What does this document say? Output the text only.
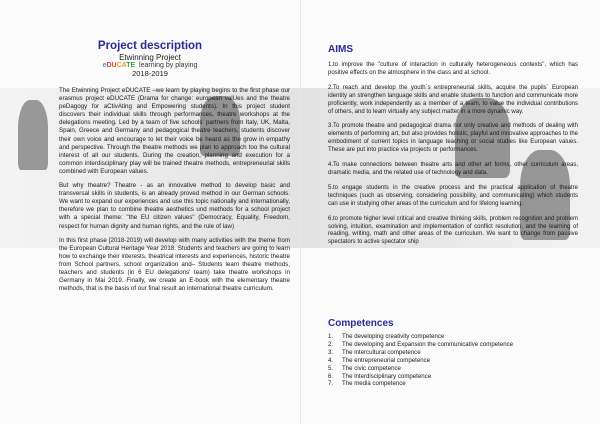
Project description
Etwinning Project
eDUCATE learning by playing
2018-2019

The Etwinning Project eDUCATE –we learn by playing begins to the first phase our erasmus project eDUCATE (Drama for change: european valUes and the theatre peDagogy for aCtivAting and Empowering students). In this project student discovers their individual skills through performances, theatre workshops at the delegations meeting. Led by a team of five schools' partners from Italy, UK, Malta, Spain, Greece and Germany and pedagogical theatre teachers, students discover their own voice and encourage to let their voice be heard as the grow in empathy and perspective. Through the theatre methods we plan to approach too the cultural interest of all our students. During the creation, planning and execution for a common interdisciplinary play will be trained theatre methods, entrepreneurial skills combined with European values.

But why theatre? Theatre - as an innovative method to develop basic and transversal skills in students, is an already proved method in our German schools. We want to expand our experiences and use this topic nationally and internationally, therefore we plan to combine theatre aesthetics und methods for a school project with a special theme: "the EU citizen values" (Democracy, Equality, Freedom, respect for human dignity and human rights, and the rule of law)

In this first phase [2018-2019) will develop with many activities with the theme from the European Cultural Heritage Year 2018. Students and teachers are going to learn how to exchange their interests, theatrical interests and experiences, historic theatre from School partners, school organization and– Students learn theatre methods, teachers and students (in 6 EU delegations' team) take theatre workshops in Germany in Mai 2019. Finally, we create an E-book with the elementary theatre methods, that is the basis of our final result an international theatre curriculum.

AIMS

1.to improve the "culture of interaction in culturally heterogeneous contexts", which has positive effects on the atmosphere in the class and at school.

2.To reach and develop the youth´s entrepreneurial skills, acquire the pupils´ European identity an strengthen language skills and enable students to function and communicate more proficiently, work independently as a member of a team, to value the individual contributions of others, and to learn virtually any subject matter in a more dynamic way.

3.To promote theatre and pedagogical drama not only creative and methods of dealing with elements of performing art, but also provides holistic, playful and innovative approaches to the embodiment of current topics in language teaching or social studies like European values. These are put into practice via projects or performances.

4.To make connections between theatre arts and other art forms, other curriculum areas, dramatic media, and the related use of technology and data.

5.to engage students in the creative process and the practical application of theatre techniques (such as observing, considering possibility, and communicating) which students can use in studying other areas of the curriculum and for lifelong learning.

6.to promote higher level critical and creative thinking skills, problem recognition and problem solving, intuition, examination and implementation of conflict resolution, and the learning of reading, writing, math and other areas of the curriculum. We want to change from passive spectators to active spectator ship

Competences
1.	The developing creativity competence
2.	The developing and Expansion the communicative competence
3.	The intercultural competence
4.	The entrepreneurial competence
5.	The civic competence
6.	The interdisciplinary competence
7.	The media competence
